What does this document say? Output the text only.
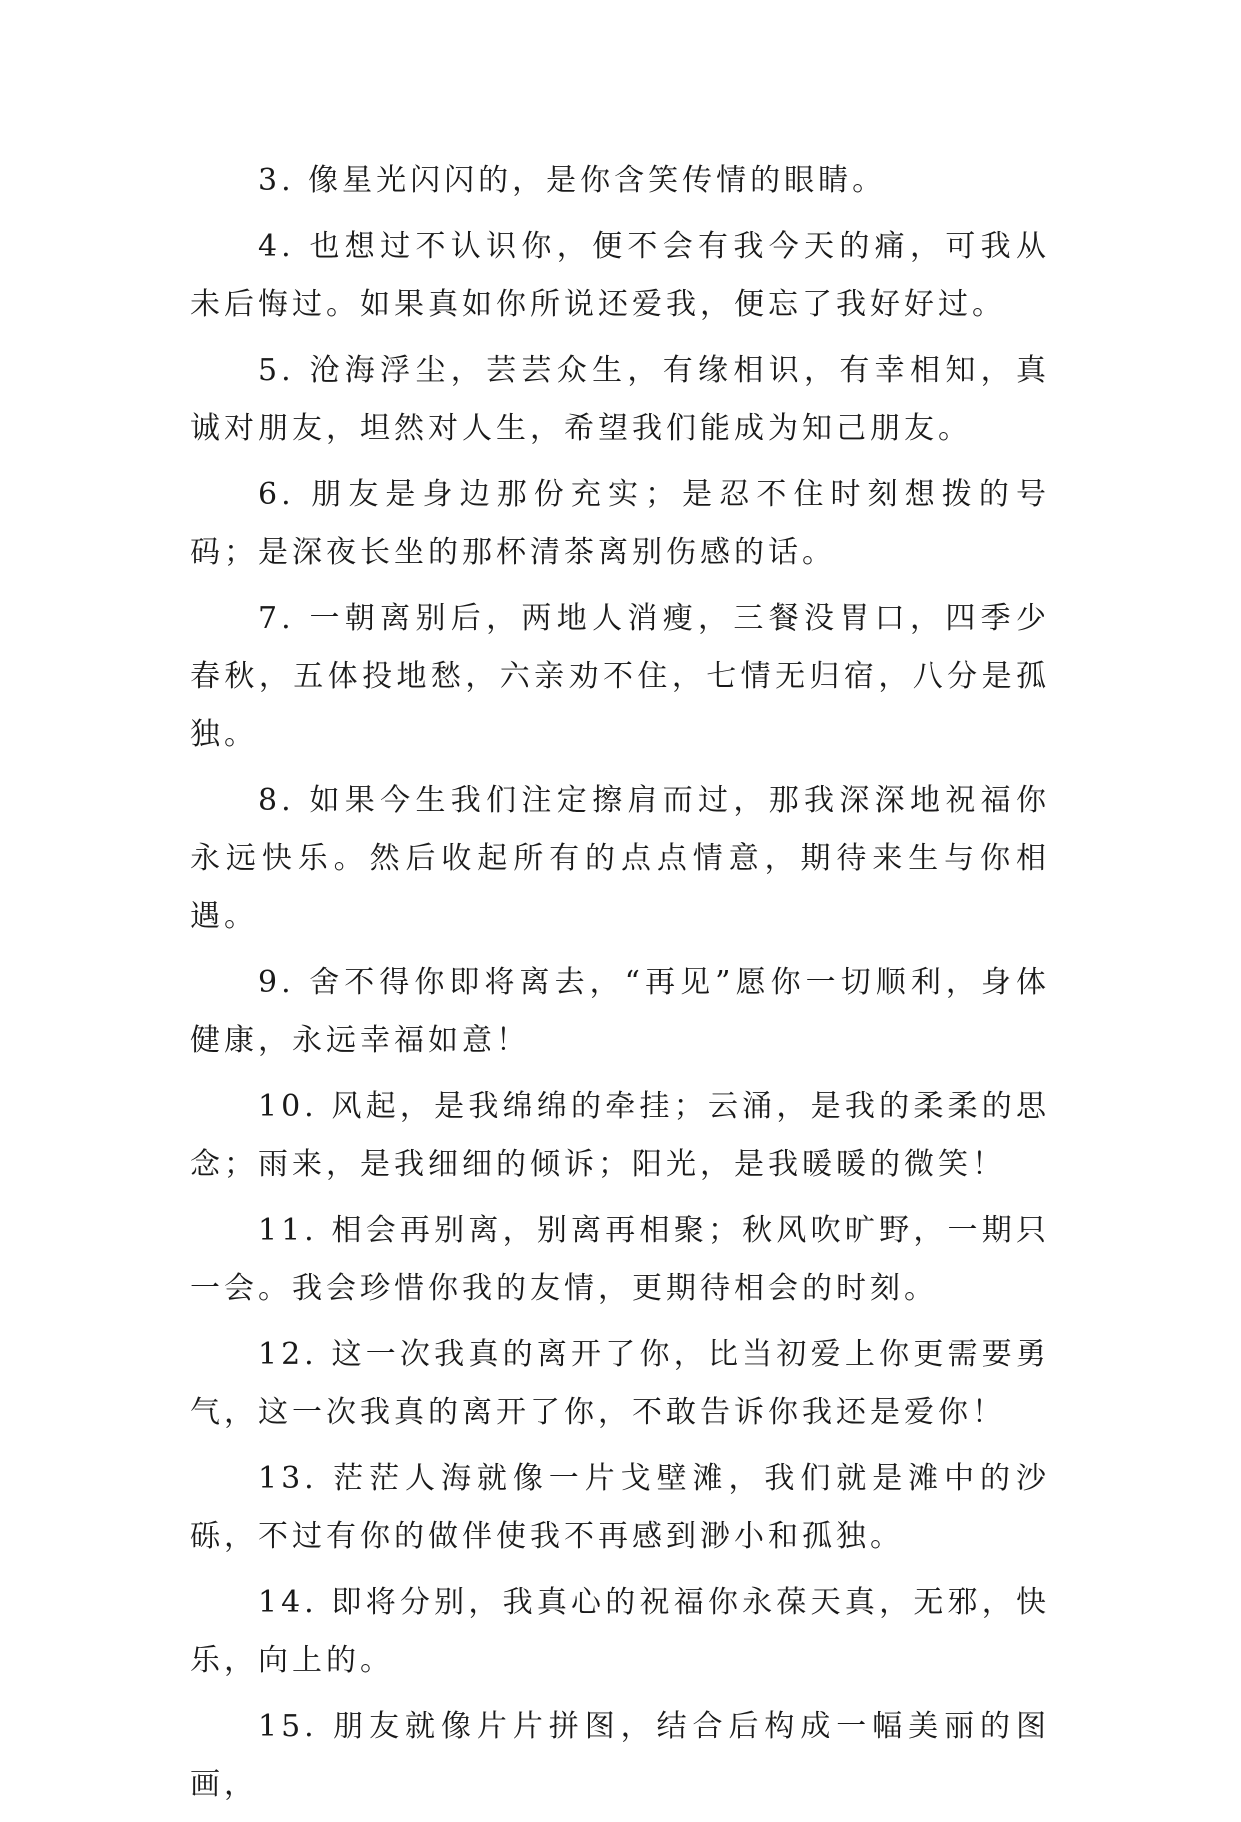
3. 像星光闪闪的，是你含笑传情的眼睛。

4. 也想过不认识你，便不会有我今天的痛，可我从未后悔过。如果真如你所说还爱我，便忘了我好好过。

5. 沧海浮尘，芸芸众生，有缘相识，有幸相知，真诚对朋友，坦然对人生，希望我们能成为知己朋友。

6. 朋友是身边那份充实；是忍不住时刻想拨的号码；是深夜长坐的那杯清茶离别伤感的话。

7. 一朝离别后，两地人消瘦，三餐没胃口，四季少春秋，五体投地愁，六亲劝不住，七情无归宿，八分是孤独。

8. 如果今生我们注定擦肩而过，那我深深地祝福你永远快乐。然后收起所有的点点情意，期待来生与你相遇。

9. 舍不得你即将离去，“再见”愿你一切顺利，身体健康，永远幸福如意！

10. 风起，是我绵绵的牵挂；云涌，是我的柔柔的思念；雨来，是我细细的倾诉；阳光，是我暖暖的微笑！

11. 相会再别离，别离再相聚；秋风吹旷野，一期只一会。我会珍惜你我的友情，更期待相会的时刻。

12. 这一次我真的离开了你，比当初爱上你更需要勇气，这一次我真的离开了你，不敢告诉你我还是爱你！

13. 茫茫人海就像一片戈壁滩，我们就是滩中的沙砾，不过有你的做伴使我不再感到渺小和孤独。

14. 即将分别，我真心的祝福你永葆天真，无邪，快乐，向上的。

15. 朋友就像片片拼图，结合后构成一幅美丽的图画，
